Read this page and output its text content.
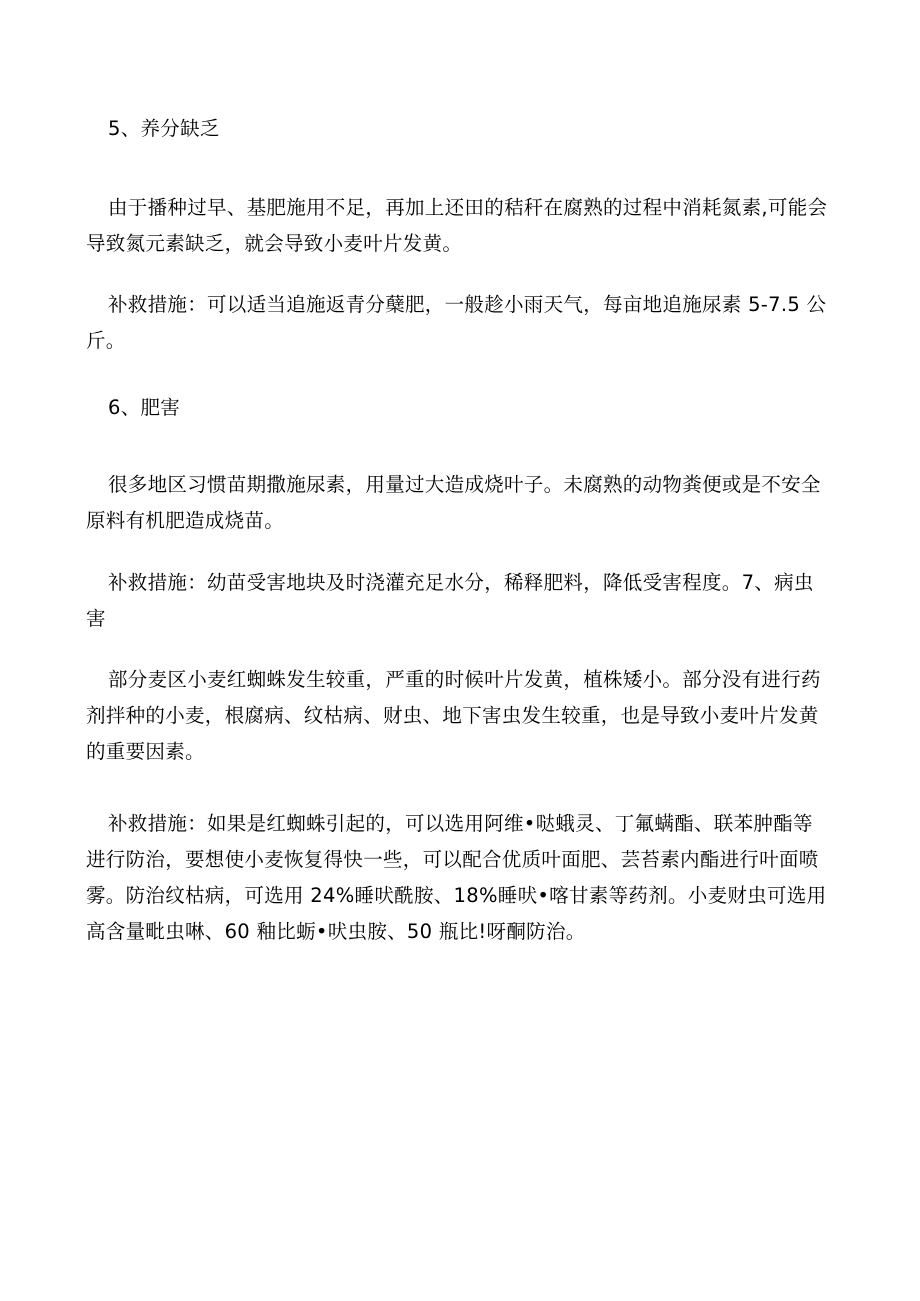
5、养分缺乏

由于播种过早、基肥施用不足，再加上还田的秸秆在腐熟的过程中消耗氮素,可能会导致氮元素缺乏，就会导致小麦叶片发黄。

补救措施：可以适当追施返青分蘖肥，一般趁小雨天气，每亩地追施尿素 5-7.5 公斤。

6、肥害

很多地区习惯苗期撒施尿素，用量过大造成烧叶子。未腐熟的动物粪便或是不安全原料有机肥造成烧苗。

补救措施：幼苗受害地块及时浇灌充足水分，稀释肥料，降低受害程度。7、病虫害

部分麦区小麦红蜘蛛发生较重，严重的时候叶片发黄，植株矮小。部分没有进行药剂拌种的小麦，根腐病、纹枯病、财虫、地下害虫发生较重，也是导致小麦叶片发黄的重要因素。

补救措施：如果是红蜘蛛引起的，可以选用阿维•哒蛾灵、丁氟螨酯、联苯肿酯等进行防治，要想使小麦恢复得快一些，可以配合优质叶面肥、芸苔素内酯进行叶面喷雾。防治纹枯病，可选用 24%睡吠酰胺、18%睡吠•喀甘素等药剂。小麦财虫可选用高含量毗虫啉、60 釉比蛎•吠虫胺、50 瓶比!呀酮防治。
